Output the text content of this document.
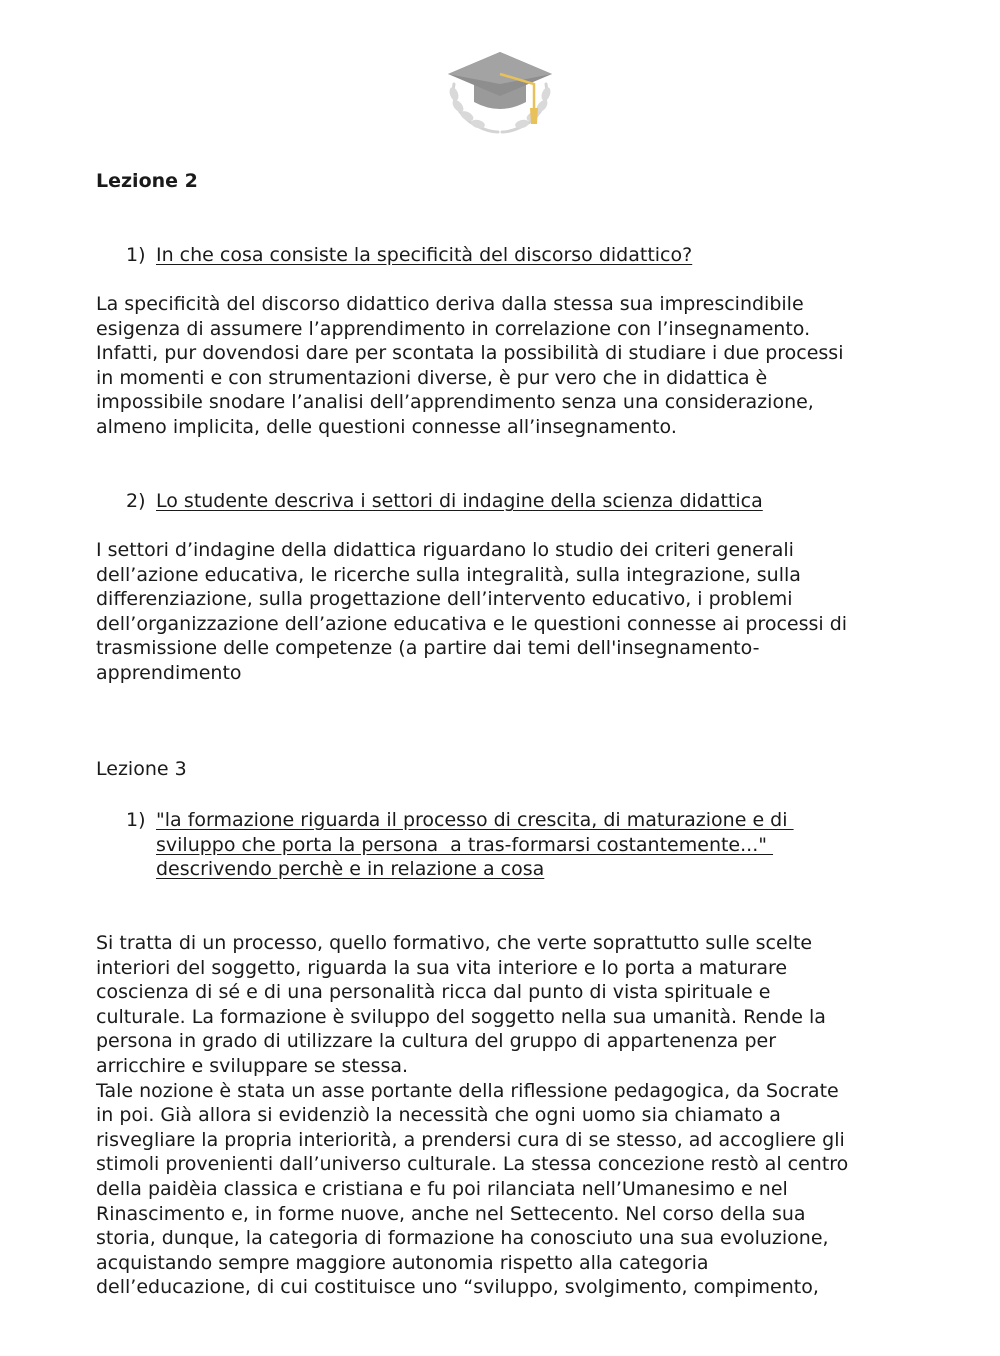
Lezione 2
1) In che cosa consiste la specificità del discorso didattico?

La specificità del discorso didattico deriva dalla stessa sua imprescindibile
esigenza di assumere l’apprendimento in correlazione con l’insegnamento.
Infatti, pur dovendosi dare per scontata la possibilità di studiare i due processi
in momenti e con strumentazioni diverse, è pur vero che in didattica è
impossibile snodare l’analisi dell’apprendimento senza una considerazione,
almeno implicita, delle questioni connesse all’insegnamento.

2) Lo studente descriva i settori di indagine della scienza didattica

I settori d’indagine della didattica riguardano lo studio dei criteri generali
dell’azione educativa, le ricerche sulla integralità, sulla integrazione, sulla
differenziazione, sulla progettazione dell’intervento educativo, i problemi
dell’organizzazione dell’azione educativa e le questioni connesse ai processi di
trasmissione delle competenze (a partire dai temi dell'insegnamento-
apprendimento

Lezione 3
1) "la formazione riguarda il processo di crescita, di maturazione e di
sviluppo che porta la persona  a tras-formarsi costantemente..."
descrivendo perchè e in relazione a cosa

Si tratta di un processo, quello formativo, che verte soprattutto sulle scelte
interiori del soggetto, riguarda la sua vita interiore e lo porta a maturare
coscienza di sé e di una personalità ricca dal punto di vista spirituale e
culturale. La formazione è sviluppo del soggetto nella sua umanità. Rende la
persona in grado di utilizzare la cultura del gruppo di appartenenza per
arricchire e sviluppare se stessa.
Tale nozione è stata un asse portante della riflessione pedagogica, da Socrate
in poi. Già allora si evidenziò la necessità che ogni uomo sia chiamato a
risvegliare la propria interiorità, a prendersi cura di se stesso, ad accogliere gli
stimoli provenienti dall’universo culturale. La stessa concezione restò al centro
della paidèia classica e cristiana e fu poi rilanciata nell’Umanesimo e nel
Rinascimento e, in forme nuove, anche nel Settecento. Nel corso della sua
storia, dunque, la categoria di formazione ha conosciuto una sua evoluzione,
acquistando sempre maggiore autonomia rispetto alla categoria
dell’educazione, di cui costituisce uno “sviluppo, svolgimento, compimento,
